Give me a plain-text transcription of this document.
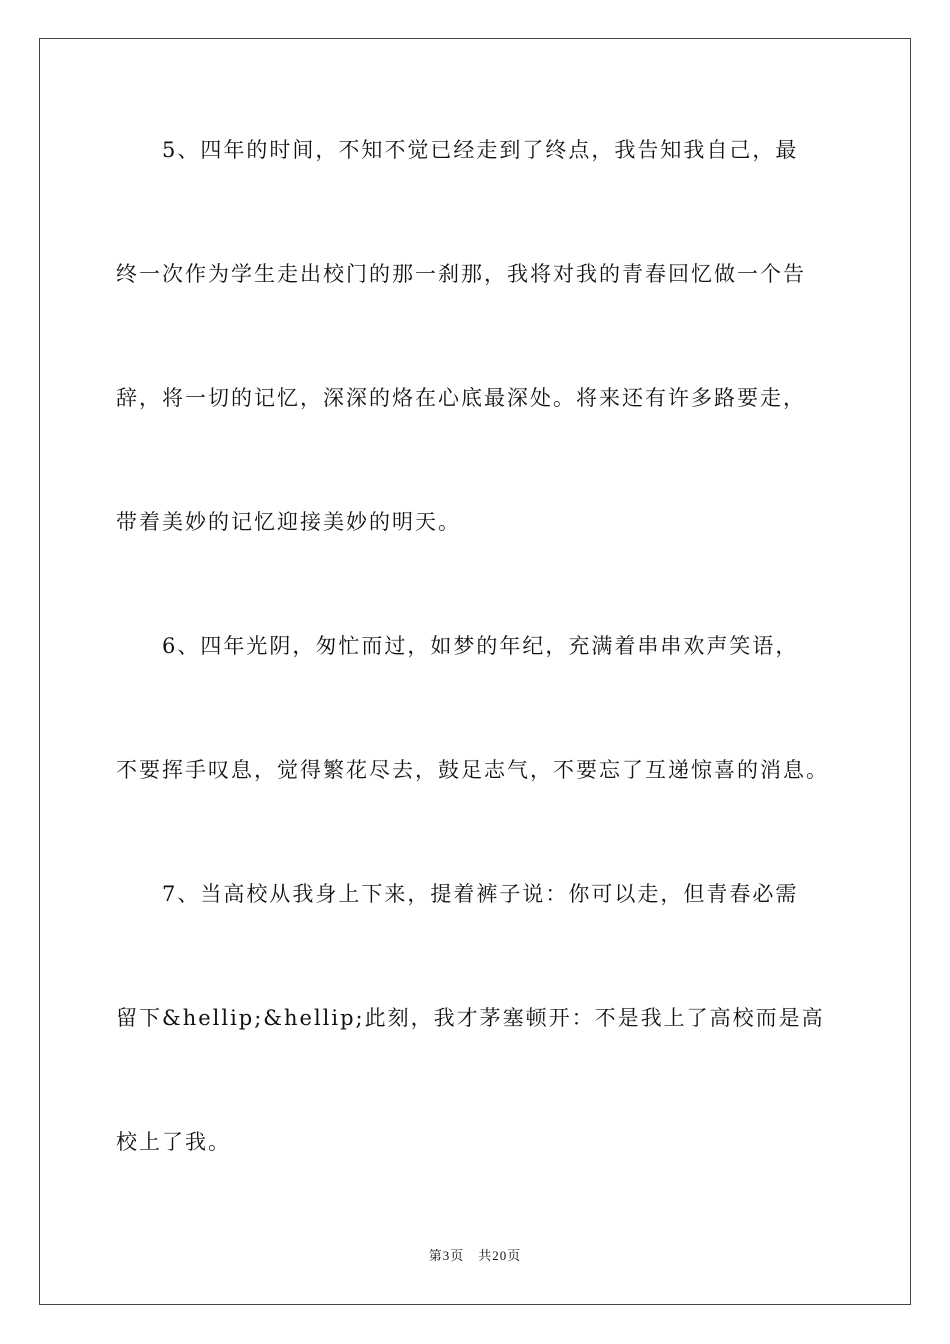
5、四年的时间，不知不觉已经走到了终点，我告知我自己，最
终一次作为学生走出校门的那一刹那，我将对我的青春回忆做一个告
辞，将一切的记忆，深深的烙在心底最深处。将来还有许多路要走，
带着美妙的记忆迎接美妙的明天。
6、四年光阴，匆忙而过，如梦的年纪，充满着串串欢声笑语，
不要挥手叹息，觉得繁花尽去，鼓足志气，不要忘了互递惊喜的消息。
7、当高校从我身上下来，提着裤子说：你可以走，但青春必需
留下&hellip;&hellip;此刻，我才茅塞顿开：不是我上了高校而是高
校上了我。
第3页 共20页
